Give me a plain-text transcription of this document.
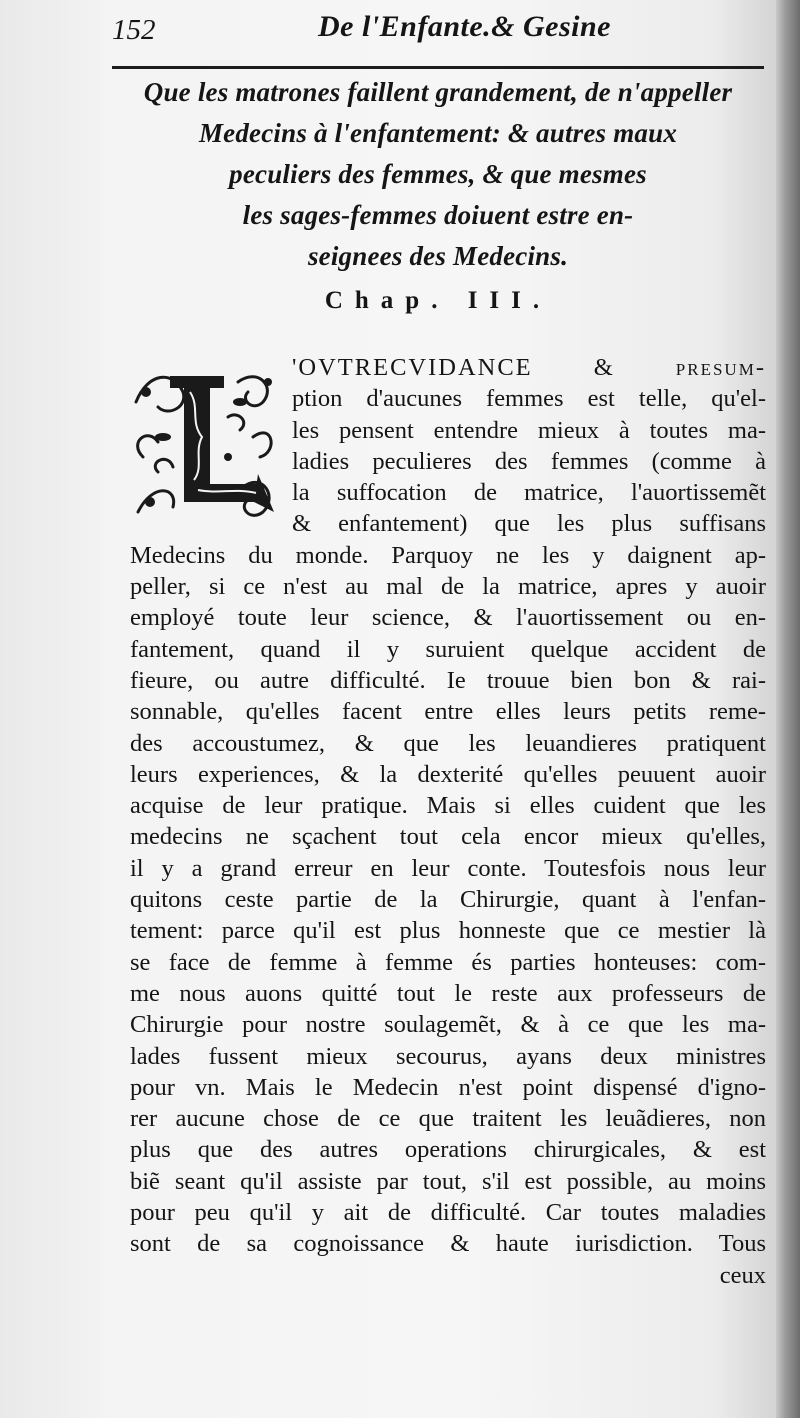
152	De l'Enfante.& Gesine
Que les matrones faillent grandement, de n'appeller
Medecins à l'enfantement: & autres maux
peculiers des femmes, & que mesmes
les sages-femmes doiuent estre en-
seignees des Medecins.
Chap. III.
'OVTRECVIDANCE & presum-
ption d'aucunes femmes est telle, qu'el-
les pensent entendre mieux à toutes ma-
ladies peculieres des femmes (comme à
la suffocation de matrice, l'auortissemẽt
& enfantement) que les plus suffisans
Medecins du monde. Parquoy ne les y daignent ap-
peller, si ce n'est au mal de la matrice, apres y auoir
employé toute leur science, & l'auortissement ou en-
fantement, quand il y suruient quelque accident de
fieure, ou autre difficulté. Ie trouue bien bon & rai-
sonnable, qu'elles facent entre elles leurs petits reme-
des accoustumez, & que les leuandieres pratiquent
leurs experiences, & la dexterité qu'elles peuuent auoir
acquise de leur pratique. Mais si elles cuident que les
medecins ne sçachent tout cela encor mieux qu'elles,
il y a grand erreur en leur conte. Toutesfois nous leur
quitons ceste partie de la Chirurgie, quant à l'enfan-
tement: parce qu'il est plus honneste que ce mestier là
se face de femme à femme és parties honteuses: com-
me nous auons quitté tout le reste aux professeurs de
Chirurgie pour nostre soulagemẽt, & à ce que les ma-
lades fussent mieux secourus, ayans deux ministres
pour vn. Mais le Medecin n'est point dispensé d'igno-
rer aucune chose de ce que traitent les leuãdieres, non
plus que des autres operations chirurgicales, & est
biẽ seant qu'il assiste par tout, s'il est possible, au moins
pour peu qu'il y ait de difficulté. Car toutes maladies
sont de sa cognoissance & haute iurisdiction. Tous
ceux
